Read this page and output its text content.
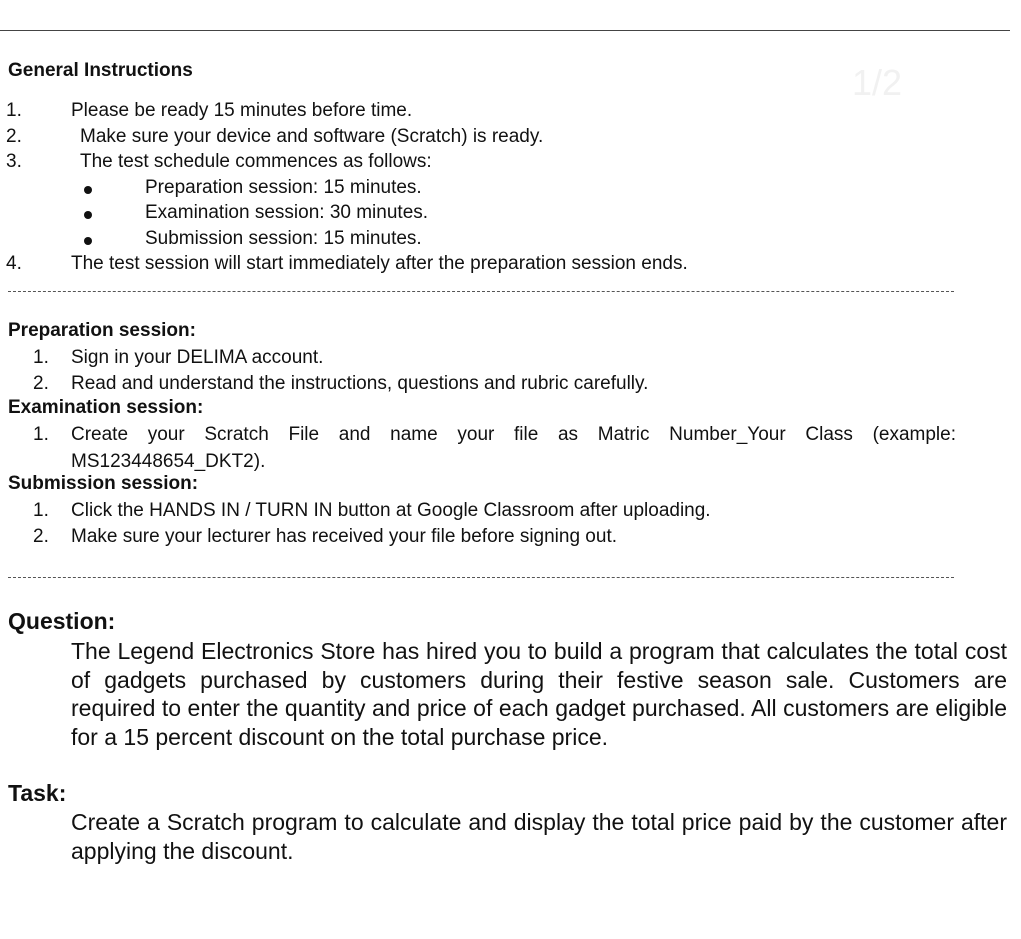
1/2
General Instructions
1.	Please be ready 15 minutes before time.
2.	Make sure your device and software (Scratch) is ready.
3.	The test schedule commences as follows:
Preparation session: 15 minutes.
Examination session: 30 minutes.
Submission session: 15 minutes.
4.	The test session will start immediately after the preparation session ends.
Preparation session:
1. Sign in your DELIMA account.
2. Read and understand the instructions, questions and rubric carefully.
Examination session:
1. Create your Scratch File and name your file as Matric Number_Your Class (example: MS123448654_DKT2).
Submission session:
1. Click the HANDS IN / TURN IN button at Google Classroom after uploading.
2. Make sure your lecturer has received your file before signing out.
Question:
The Legend Electronics Store has hired you to build a program that calculates the total cost of gadgets purchased by customers during their festive season sale. Customers are required to enter the quantity and price of each gadget purchased. All customers are eligible for a 15 percent discount on the total purchase price.
Task:
Create a Scratch program to calculate and display the total price paid by the customer after applying the discount.
